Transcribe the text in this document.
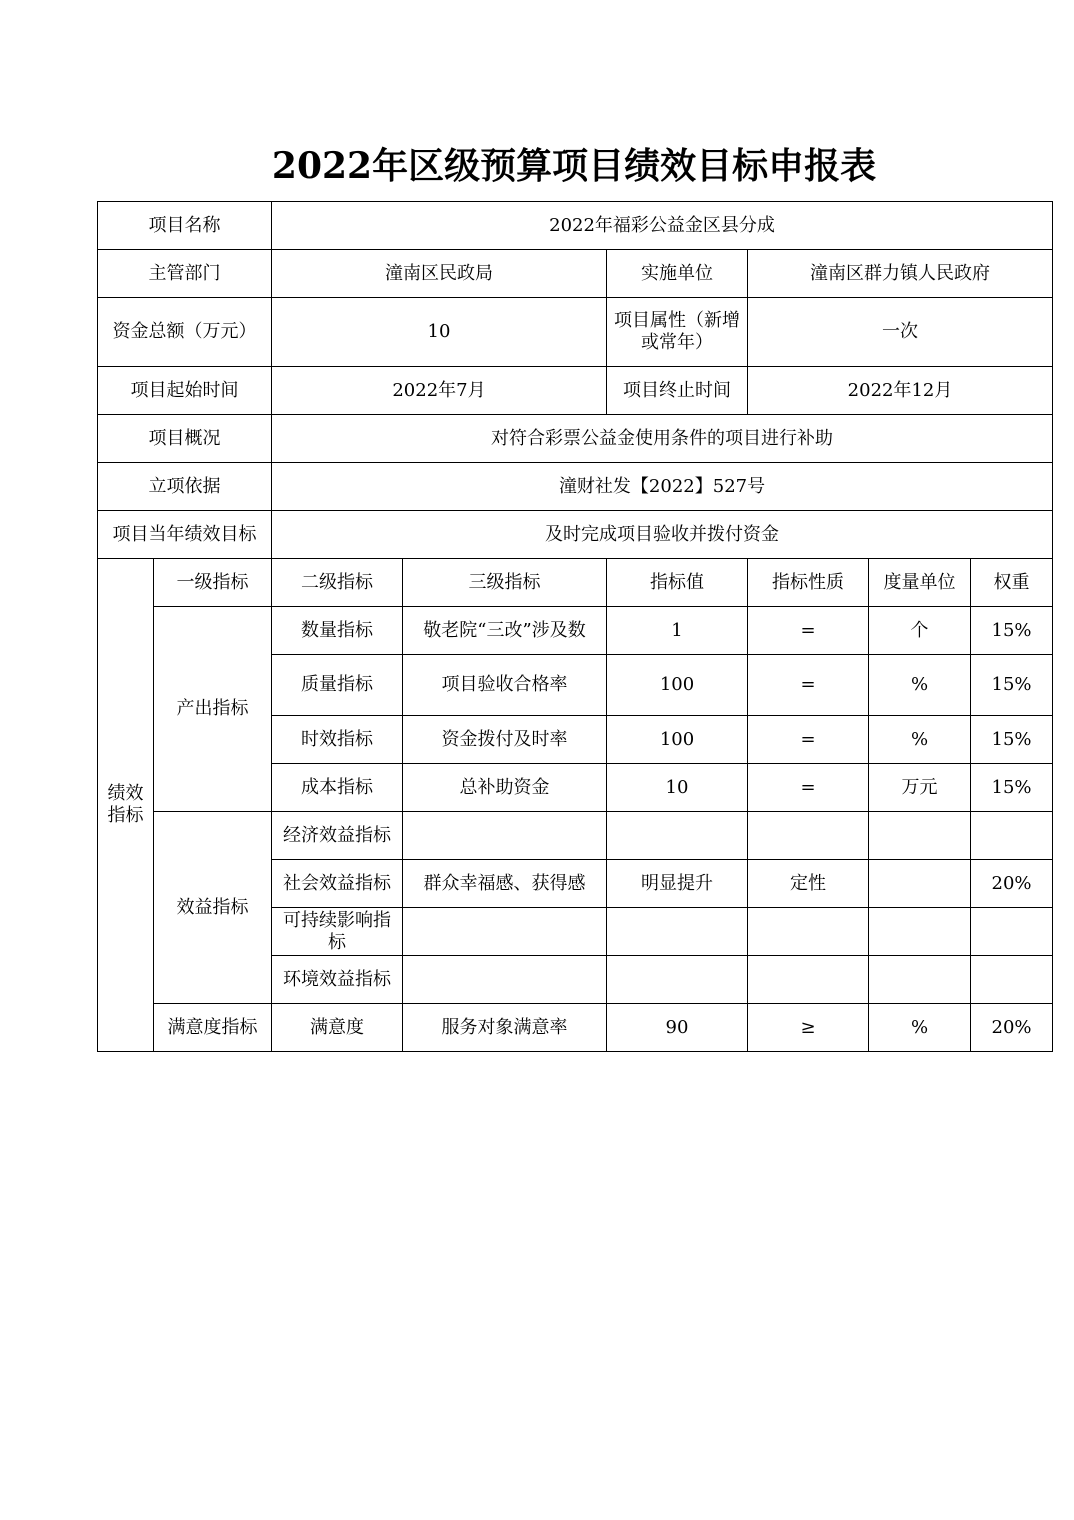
2022年区级预算项目绩效目标申报表
项目名称		2022年福彩公益金区县分成					
主管部门		潼南区民政局		实施单位	潼南区群力镇人民政府		
资金总额（万元）		10		项目属性（新增或常年）	一次		
项目起始时间		2022年7月		项目终止时间	2022年12月		
项目概况		对符合彩票公益金使用条件的项目进行补助					
立项依据		潼财社发【2022】527号					
项目当年绩效目标		及时完成项目验收并拨付资金					
绩效指标	一级指标	二级指标	三级指标	指标值	指标性质	度量单位	权重
	产出指标	数量指标	敬老院“三改”涉及数	1	=	个	15%
		质量指标	项目验收合格率	100	=	%	15%
		时效指标	资金拨付及时率	100	=	%	15%
		成本指标	总补助资金	10	=	万元	15%
	效益指标	经济效益指标					
		社会效益指标	群众幸福感、获得感	明显提升	定性		20%
		可持续影响指标					
		环境效益指标					
	满意度指标	满意度	服务对象满意率	90	≥	%	20%
